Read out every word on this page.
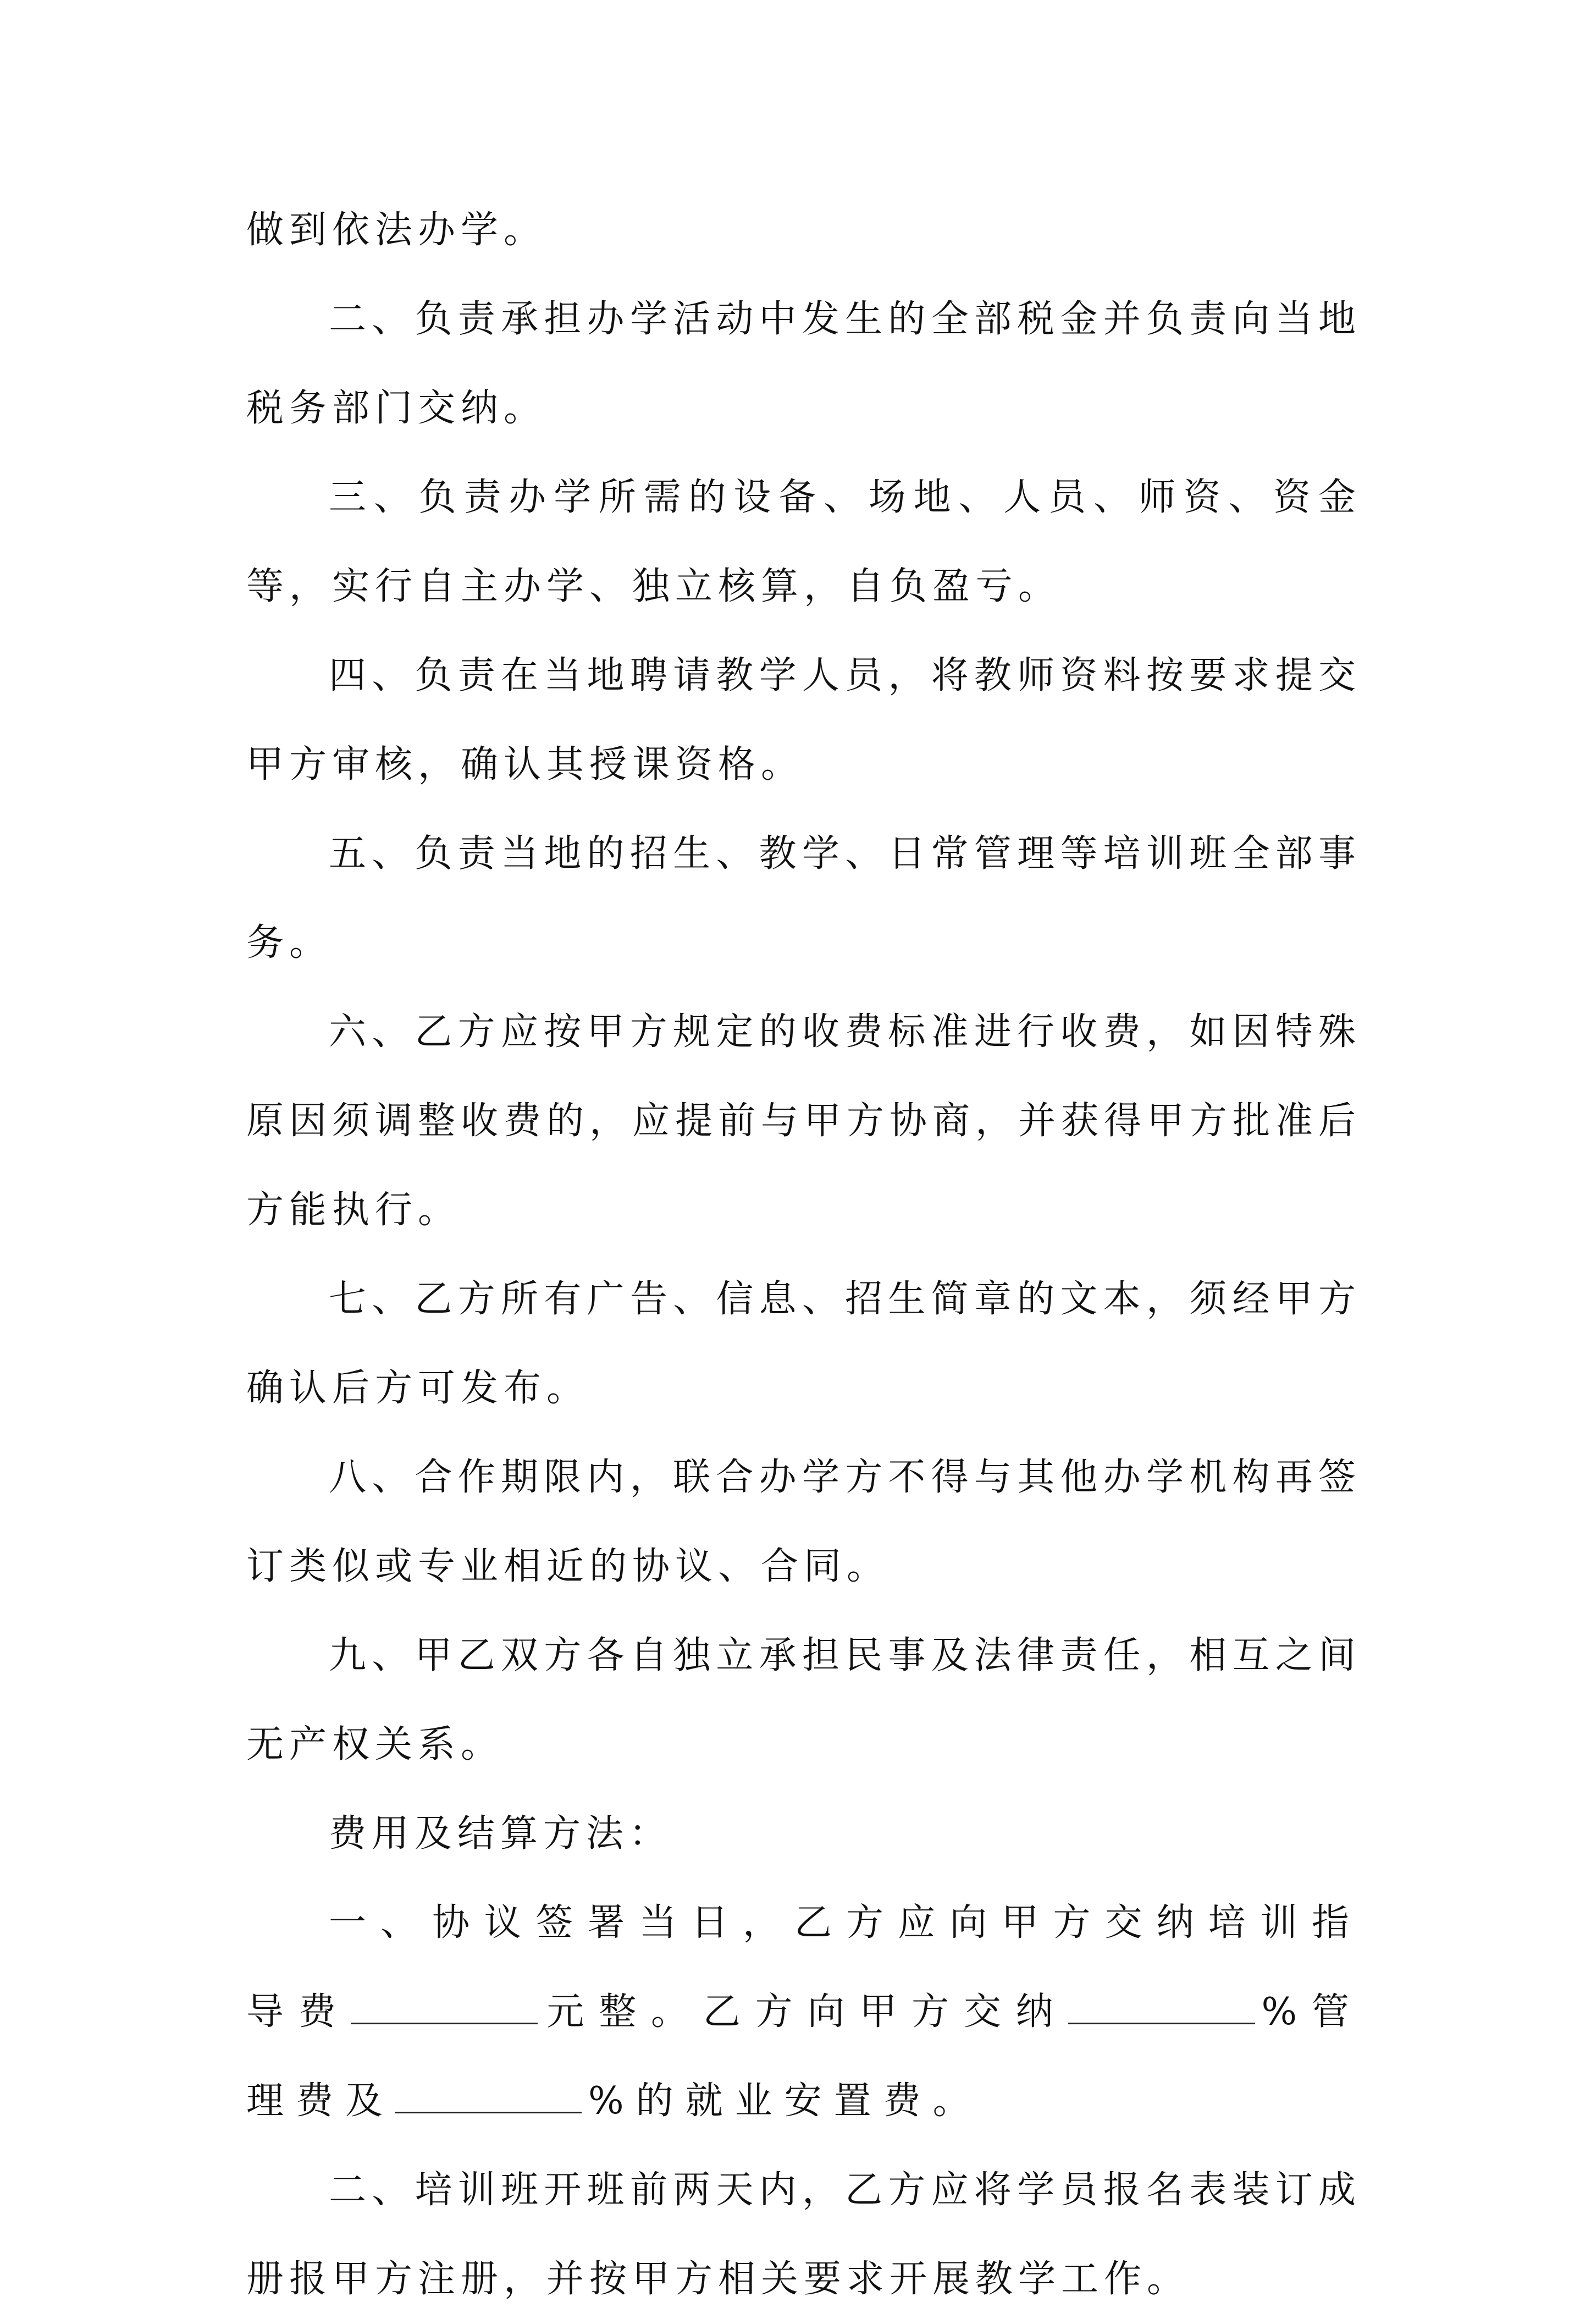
做到依法办学。

二、负责承担办学活动中发生的全部税金并负责向当地税务部门交纳。

三、负责办学所需的设备、场地、人员、师资、资金等，实行自主办学、独立核算，自负盈亏。

四、负责在当地聘请教学人员，将教师资料按要求提交甲方审核，确认其授课资格。

五、负责当地的招生、教学、日常管理等培训班全部事务。

六、乙方应按甲方规定的收费标准进行收费，如因特殊原因须调整收费的，应提前与甲方协商，并获得甲方批准后方能执行。

七、乙方所有广告、信息、招生简章的文本，须经甲方确认后方可发布。

八、合作期限内，联合办学方不得与其他办学机构再签订类似或专业相近的协议、合同。

九、甲乙双方各自独立承担民事及法律责任，相互之间无产权关系。

费用及结算方法：

一、协议签署当日，乙方应向甲方交纳培训指导费	元整。乙方向甲方交纳	%管理费及	%的就业安置费。

二、培训班开班前两天内，乙方应将学员报名表装订成册报甲方注册，并按甲方相关要求开展教学工作。
